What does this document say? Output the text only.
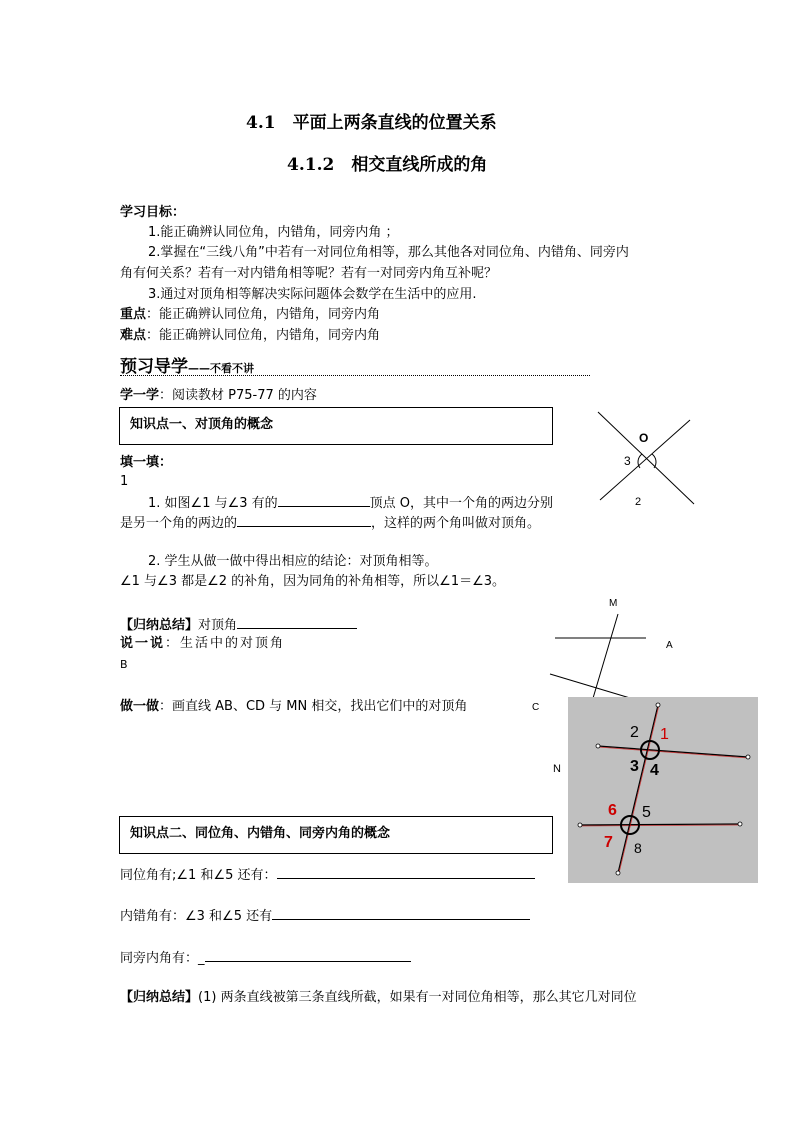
4.1　平面上两条直线的位置关系
4.1.2　相交直线所成的角
学习目标：
1.能正确辨认同位角，内错角，同旁内角 ；
2.掌握在“三线八角”中若有一对同位角相等，那么其他各对同位角、内错角、同旁内
角有何关系？若有一对内错角相等呢？若有一对同旁内角互补呢？
3.通过对顶角相等解决实际问题体会数学在生活中的应用.
重点：能正确辨认同位角，内错角，同旁内角
难点：能正确辨认同位角，内错角，同旁内角
预习导学——不看不讲
学一学：阅读教材 P75-77 的内容
知识点一、对顶角的概念
填一填：
1
1. 如图∠1 与∠3 有的	顶点 O，其中一个角的两边分别
是另一个角的两边的	，这样的两个角叫做对顶角。
2. 学生从做一做中得出相应的结论：对顶角相等。
∠1 与∠3 都是∠2 的补角，因为同角的补角相等，所以∠1＝∠3。
【归纳总结】对顶角
说一说：生活中的对顶角
B
做一做：画直线 AB、CD 与 MN 相交，找出它们中的对顶角
O
3
2
M
A
C
N
2 1
3 4
6 5
7 8
知识点二、同位角、内错角、同旁内角的概念
同位角有;∠1 和∠5 还有：
内错角有：∠3 和∠5 还有
同旁内角有：_
【归纳总结】(1) 两条直线被第三条直线所截，如果有一对同位角相等，那么其它几对同位
